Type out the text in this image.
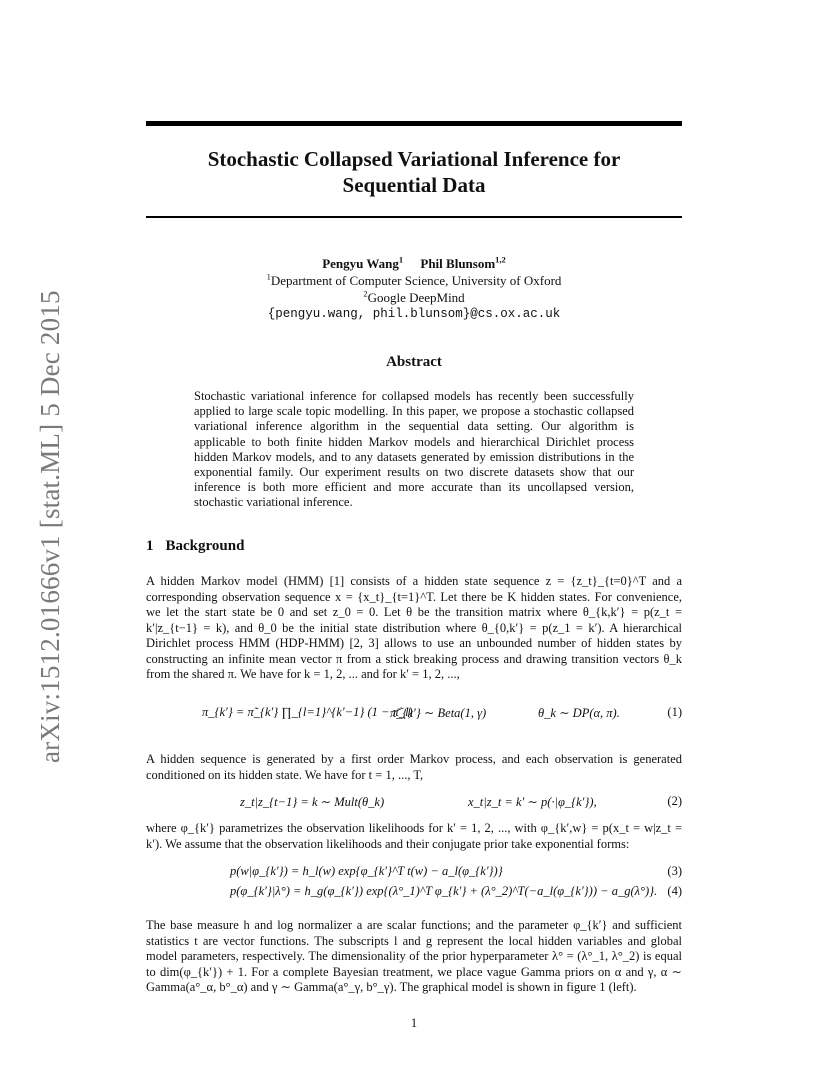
arXiv:1512.01666v1 [stat.ML] 5 Dec 2015
Stochastic Collapsed Variational Inference for
Sequential Data
Pengyu Wang$^1$ Phil Blunsom$^{1,2}$
$^1$Department of Computer Science, University of Oxford
$^2$Google DeepMind
{pengyu.wang, phil.blunsom}@cs.ox.ac.uk
Abstract
Stochastic variational inference for collapsed models has recently been successfully applied to large scale topic modelling. In this paper, we propose a stochastic collapsed variational inference algorithm in the sequential data setting. Our algorithm is applicable to both finite hidden Markov models and hierarchical Dirichlet process hidden Markov models, and to any datasets generated by emission distributions in the exponential family. Our experiment results on two discrete datasets show that our inference is both more efficient and more accurate than its uncollapsed version, stochastic variational inference.
1 Background
A hidden Markov model (HMM) [1] consists of a hidden state sequence z = {z_t}_{t=0}^T and a corresponding observation sequence x = {x_t}_{t=1}^T. Let there be K hidden states. For convenience, we let the start state be 0 and set z_0 = 0. Let θ be the transition matrix where θ_{k,k′} = p(z_t = k′|z_{t−1} = k), and θ_0 be the initial state distribution where θ_{0,k′} = p(z_1 = k′). A hierarchical Dirichlet process HMM (HDP-HMM) [2, 3] allows to use an unbounded number of hidden states by constructing an infinite mean vector π from a stick breaking process and drawing transition vectors θ_k from the shared π. We have for k = 1, 2, ... and for k′ = 1, 2, ...,
π_{k′} = π̃_{k′} ∏_{l=1}^{k′−1} (1 − π̃_l)
π̃_{k′} ∼ Beta(1, γ)	θ_k ∼ DP(α, π).	(1)
A hidden sequence is generated by a first order Markov process, and each observation is generated conditioned on its hidden state. We have for t = 1, ..., T,
z_t|z_{t−1} = k ∼ Mult(θ_k)	x_t|z_t = k′ ∼ p(·|φ_{k′}),	(2)
where φ_{k′} parametrizes the observation likelihoods for k′ = 1, 2, ..., with φ_{k′,w} = p(x_t = w|z_t = k′). We assume that the observation likelihoods and their conjugate prior take exponential forms:
p(w|φ_{k′}) = h_l(w) exp{φ_{k′}^T t(w) − a_l(φ_{k′})}	(3)
p(φ_{k′}|λ°) = h_g(φ_{k′}) exp{(λ°_1)^T φ_{k′} + (λ°_2)^T(−a_l(φ_{k′})) − a_g(λ°)}. (4)
The base measure h and log normalizer a are scalar functions; and the parameter φ_{k′} and sufficient statistics t are vector functions. The subscripts l and g represent the local hidden variables and global model parameters, respectively. The dimensionality of the prior hyperparameter λ° = (λ°_1, λ°_2) is equal to dim(φ_{k′}) + 1. For a complete Bayesian treatment, we place vague Gamma priors on α and γ, α ∼ Gamma(a°_α, b°_α) and γ ∼ Gamma(a°_γ, b°_γ). The graphical model is shown in figure 1 (left).
1
